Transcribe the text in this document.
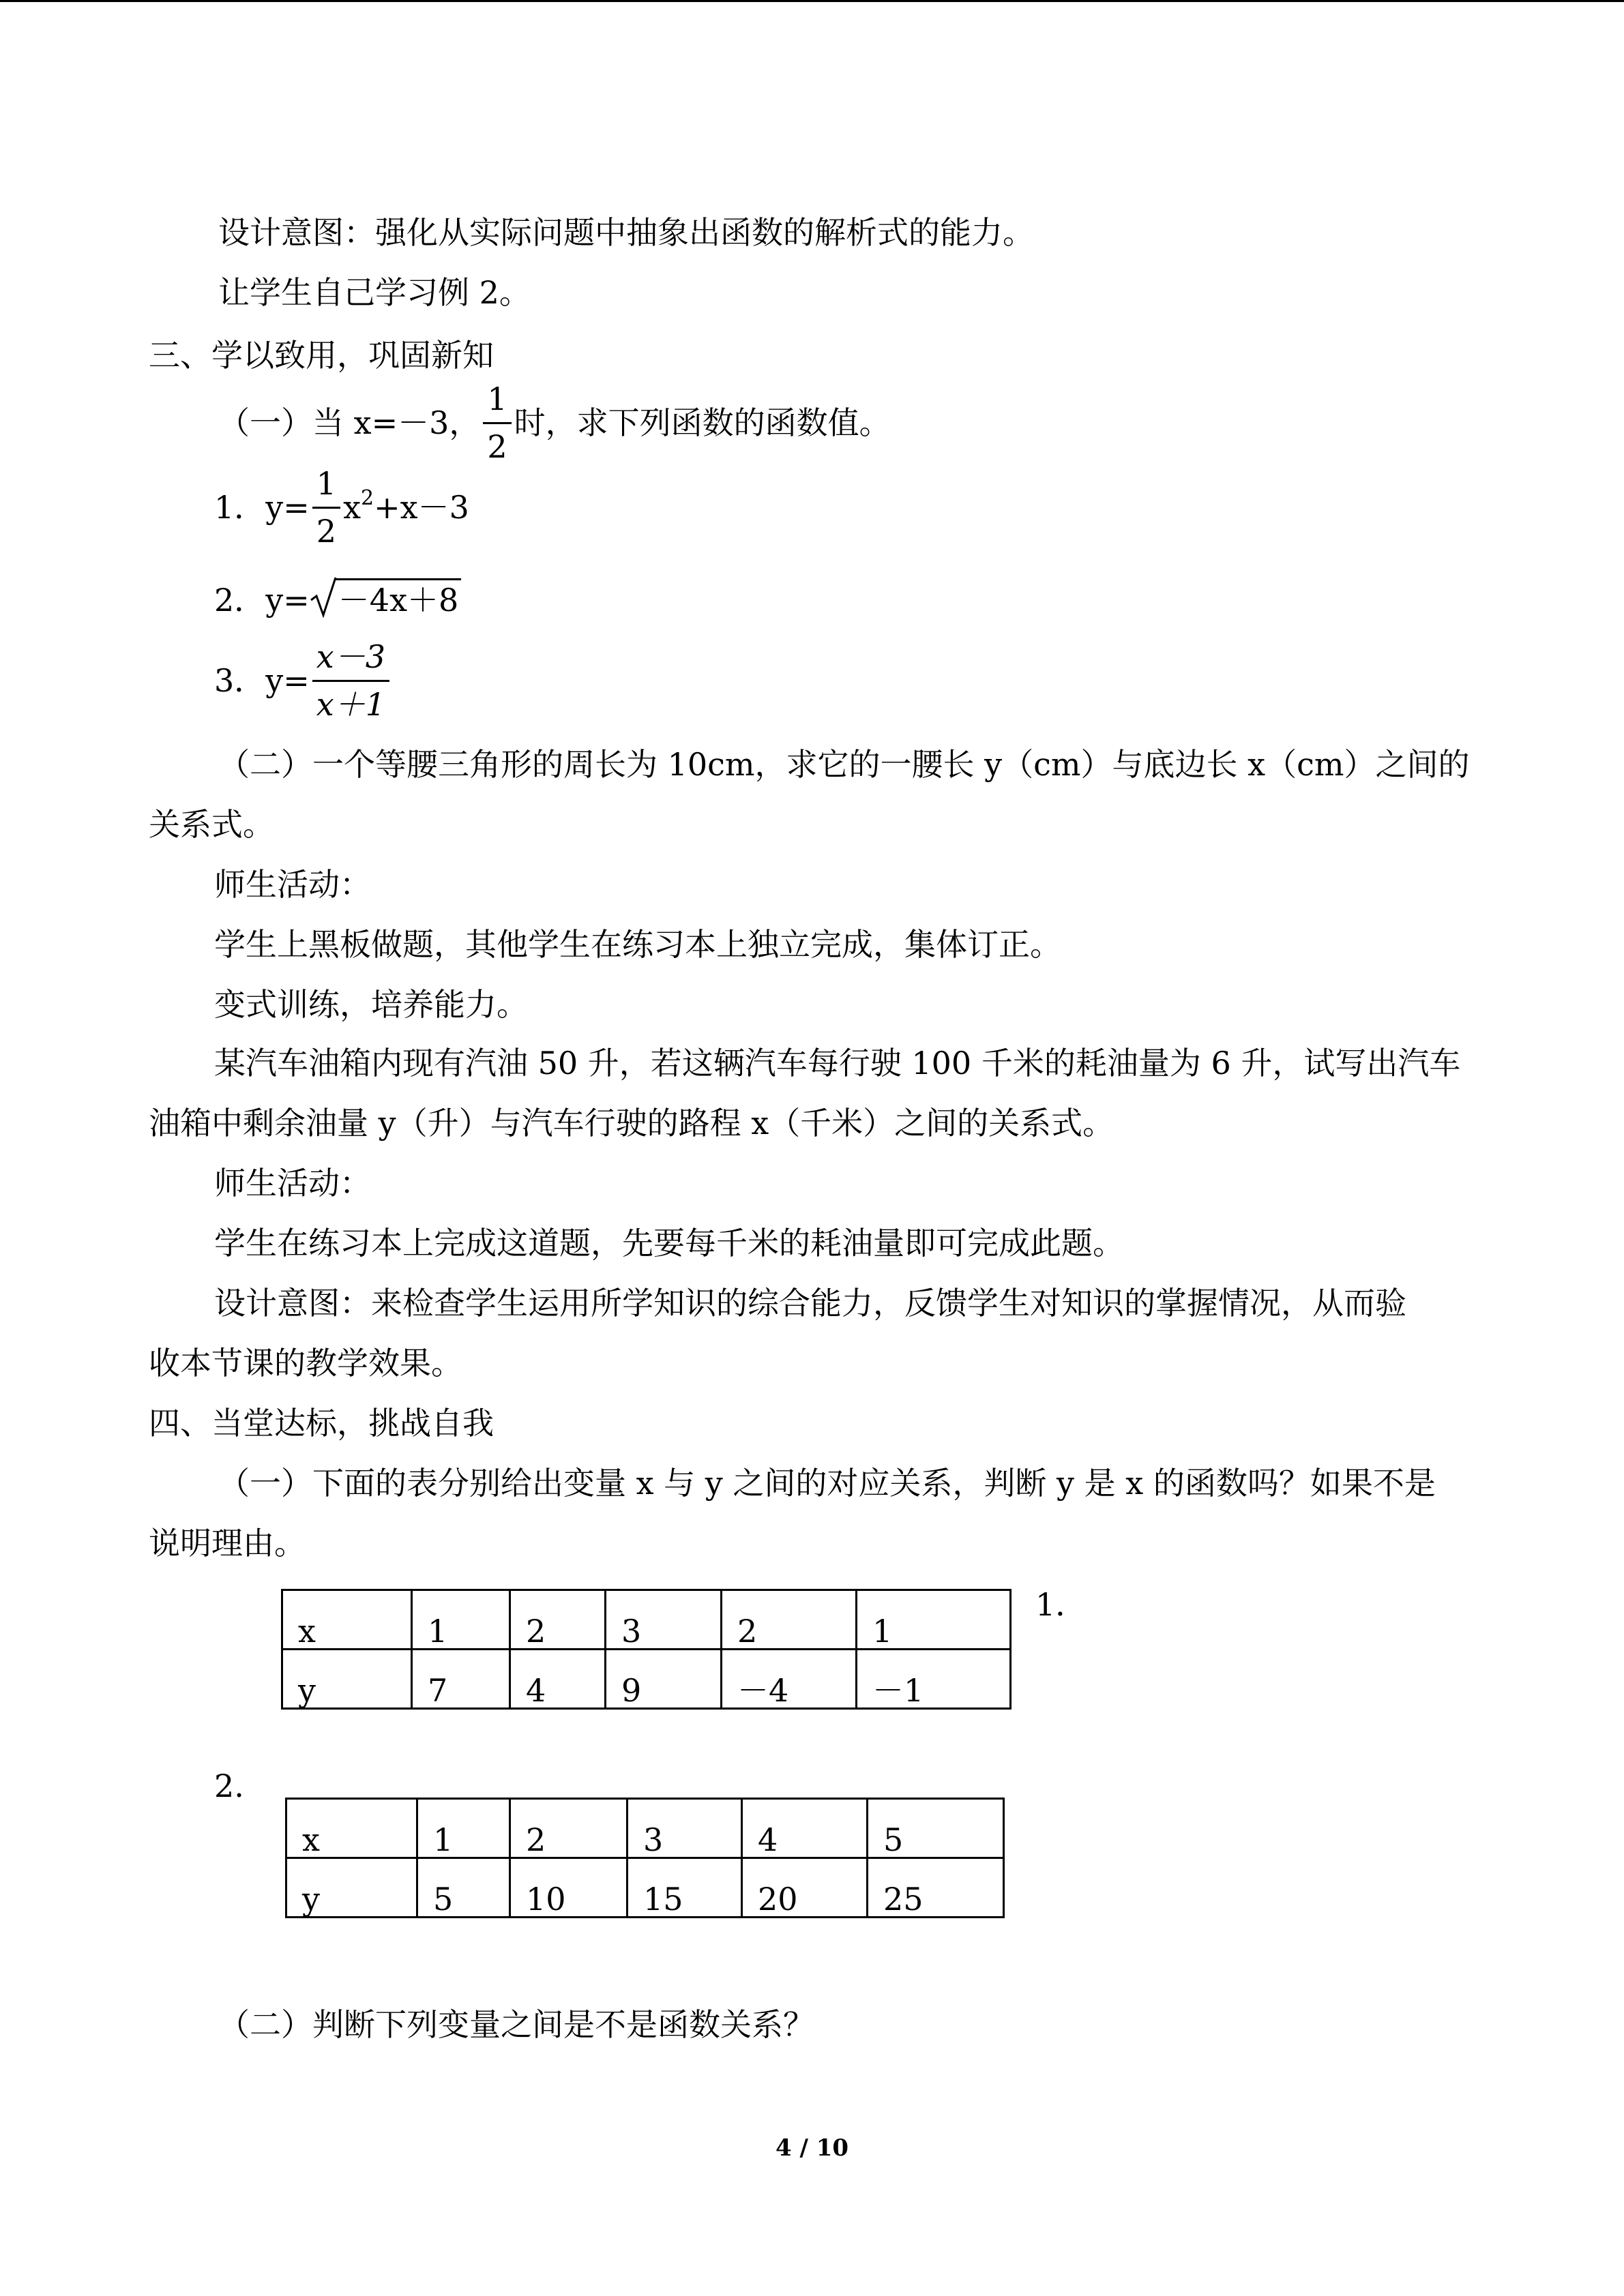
设计意图：强化从实际问题中抽象出函数的解析式的能力。
让学生自己学习例 2。
三、学以致用，巩固新知
（一）当 x=－3， $\frac{1}{2}$ 时，求下列函数的函数值。
1．$y= \frac{1}{2} x^2+x-3$
2．y= －4x＋8
3．$y= \frac{x-3}{x+1}$
（二）一个等腰三角形的周长为 10cm，求它的一腰长 y（cm）与底边长 x（cm）之间的
关系式。
师生活动：
学生上黑板做题，其他学生在练习本上独立完成，集体订正。
变式训练，培养能力。
某汽车油箱内现有汽油 50 升，若这辆汽车每行驶 100 千米的耗油量为 6 升，试写出汽车
油箱中剩余油量 y（升）与汽车行驶的路程 x（千米）之间的关系式。
师生活动：
学生在练习本上完成这道题，先要每千米的耗油量即可完成此题。
设计意图：来检查学生运用所学知识的综合能力，反馈学生对知识的掌握情况，从而验
收本节课的教学效果。
四、当堂达标，挑战自我
（一）下面的表分别给出变量 x 与 y 之间的对应关系，判断 y 是 x 的函数吗？如果不是
说明理由。
x	1	2	3	2	1
y	7	4	9	－4	－1
1．
2.
x	1	2	3	4	5
y	5	10	15	20	25
（二）判断下列变量之间是不是函数关系？
4 / 10
